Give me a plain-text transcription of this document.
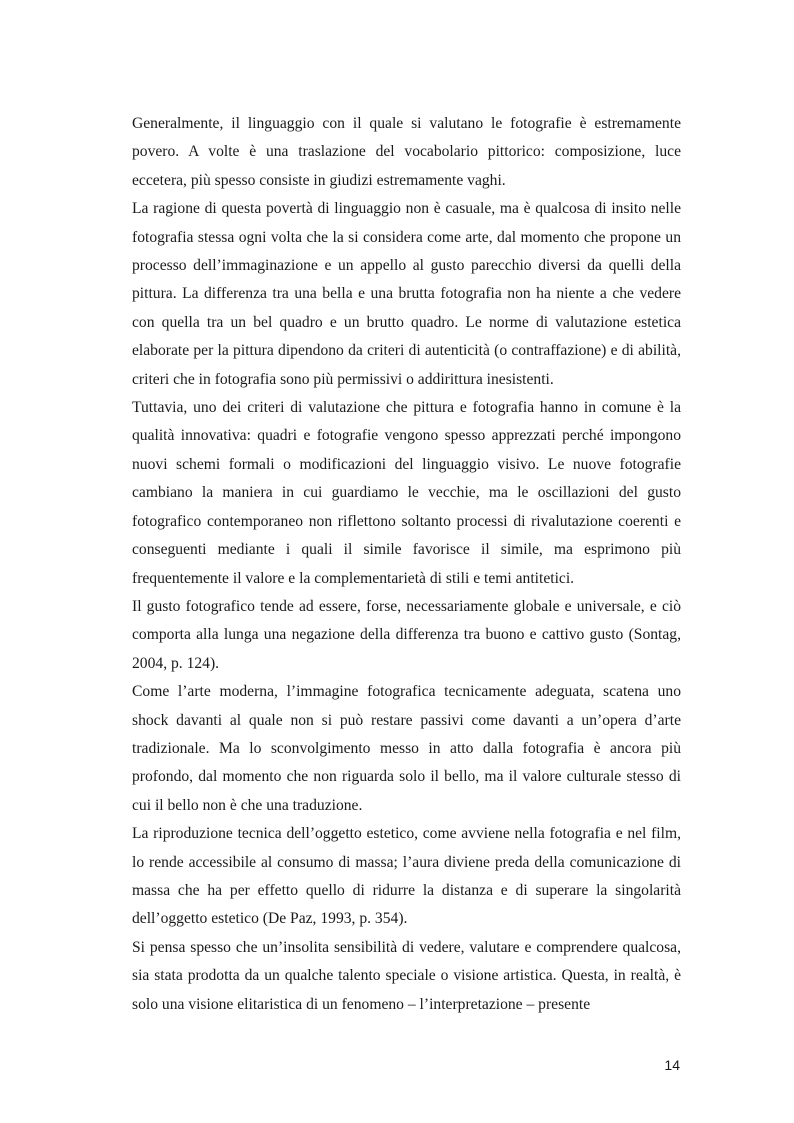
Generalmente, il linguaggio con il quale si valutano le fotografie è estremamente povero. A volte è una traslazione del vocabolario pittorico: composizione, luce eccetera, più spesso consiste in giudizi estremamente vaghi.

La ragione di questa povertà di linguaggio non è casuale, ma è qualcosa di insito nelle fotografia stessa ogni volta che la si considera come arte, dal momento che propone un processo dell’immaginazione e un appello al gusto parecchio diversi da quelli della pittura. La differenza tra una bella e una brutta fotografia non ha niente a che vedere con quella tra un bel quadro e un brutto quadro. Le norme di valutazione estetica elaborate per la pittura dipendono da criteri di autenticità (o contraffazione) e di abilità, criteri che in fotografia sono più permissivi o addirittura inesistenti.

Tuttavia, uno dei criteri di valutazione che pittura e fotografia hanno in comune è la qualità innovativa: quadri e fotografie vengono spesso apprezzati perché impongono nuovi schemi formali o modificazioni del linguaggio visivo. Le nuove fotografie cambiano la maniera in cui guardiamo le vecchie, ma le oscillazioni del gusto fotografico contemporaneo non riflettono soltanto processi di rivalutazione coerenti e conseguenti mediante i quali il simile favorisce il simile, ma esprimono più frequentemente il valore e la complementarietà di stili e temi antitetici.

Il gusto fotografico tende ad essere, forse, necessariamente globale e universale, e ciò comporta alla lunga una negazione della differenza tra buono e cattivo gusto (Sontag, 2004, p. 124).

Come l’arte moderna, l’immagine fotografica tecnicamente adeguata, scatena uno shock davanti al quale non si può restare passivi come davanti a un’opera d’arte tradizionale. Ma lo sconvolgimento messo in atto dalla fotografia è ancora più profondo, dal momento che non riguarda solo il bello, ma il valore culturale stesso di cui il bello non è che una traduzione.

La riproduzione tecnica dell’oggetto estetico, come avviene nella fotografia e nel film, lo rende accessibile al consumo di massa; l’aura diviene preda della comunicazione di massa che ha per effetto quello di ridurre la distanza e di superare la singolarità dell’oggetto estetico (De Paz, 1993, p. 354).

Si pensa spesso che un’insolita sensibilità di vedere, valutare e comprendere qualcosa, sia stata prodotta da un qualche talento speciale o visione artistica. Questa, in realtà, è solo una visione elitaristica di un fenomeno – l’interpretazione – presente

14
